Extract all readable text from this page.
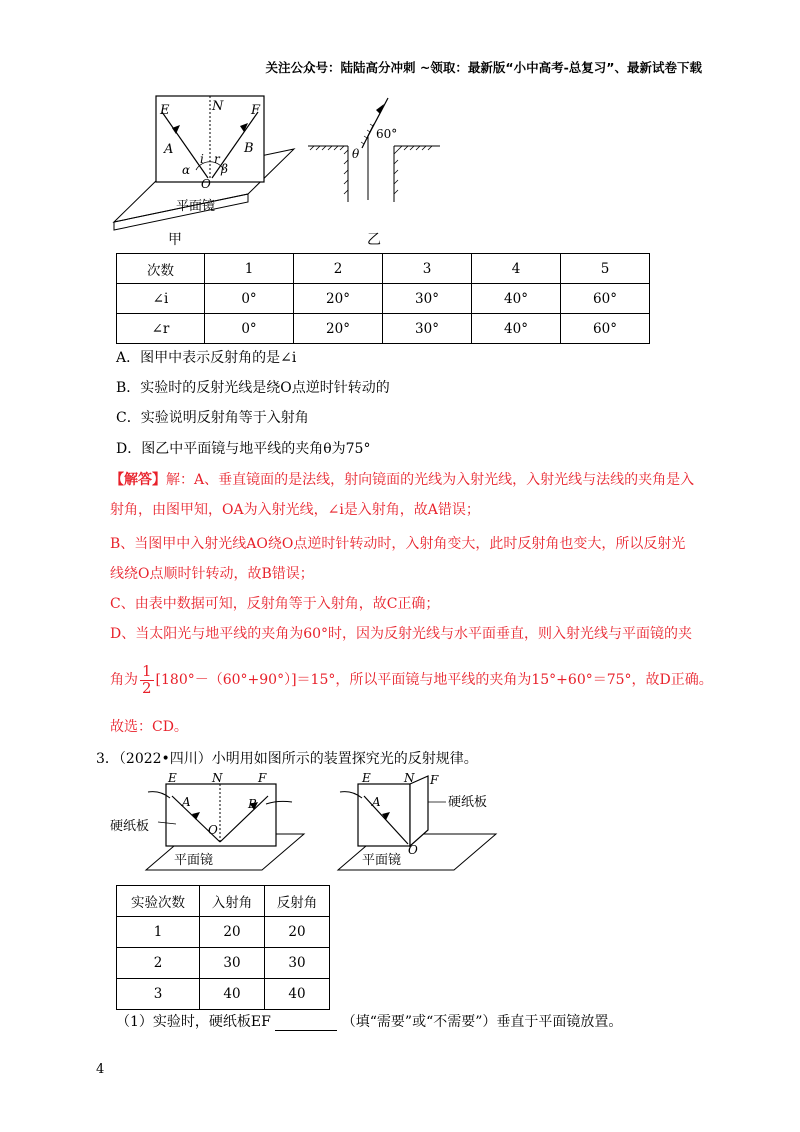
关注公众号：陆陆高分冲刺 ~领取：最新版“小中高考-总复习”、最新试卷下载
E	N F
A	B
i r
α	β
O
平面镜
甲
60°
θ
乙
次数	1	2	3	4	5
∠i	0°	20°	30°	40°	60°
∠r	0°	20°	30°	40°	60°
A．图甲中表示反射角的是∠i
B．实验时的反射光线是绕O点逆时针转动的
C．实验说明反射角等于入射角
D．图乙中平面镜与地平线的夹角θ为75°
【解答】解：A、垂直镜面的是法线，射向镜面的光线为入射光线，入射光线与法线的夹角是入
射角，由图甲知，OA为入射光线，∠i是入射角，故A错误；
B、当图甲中入射光线AO绕O点逆时针转动时，入射角变大，此时反射角也变大，所以反射光
线绕O点顺时针转动，故B错误；
C、由表中数据可知，反射角等于入射角，故C正确；
D、当太阳光与地平线的夹角为60°时，因为反射光线与水平面垂直，则入射光线与平面镜的夹
角为 $\frac{1}{2} [180^\circ-(60^\circ+90^\circ)]=15^\circ$，所以平面镜与地平线的夹角为15°+60°＝75°，故D正确。
故选：CD。
3．（2022•四川）小明用如图所示的装置探究光的反射规律。
E	N	F
A	B
O
硬纸板
平面镜
E	N F
A
O
硬纸板
平面镜
实验次数	入射角	反射角
1	20	20
2	30	30
3	40	40
（1）实验时，硬纸板EF	（填“需要”或“不需要”）垂直于平面镜放置。
4
